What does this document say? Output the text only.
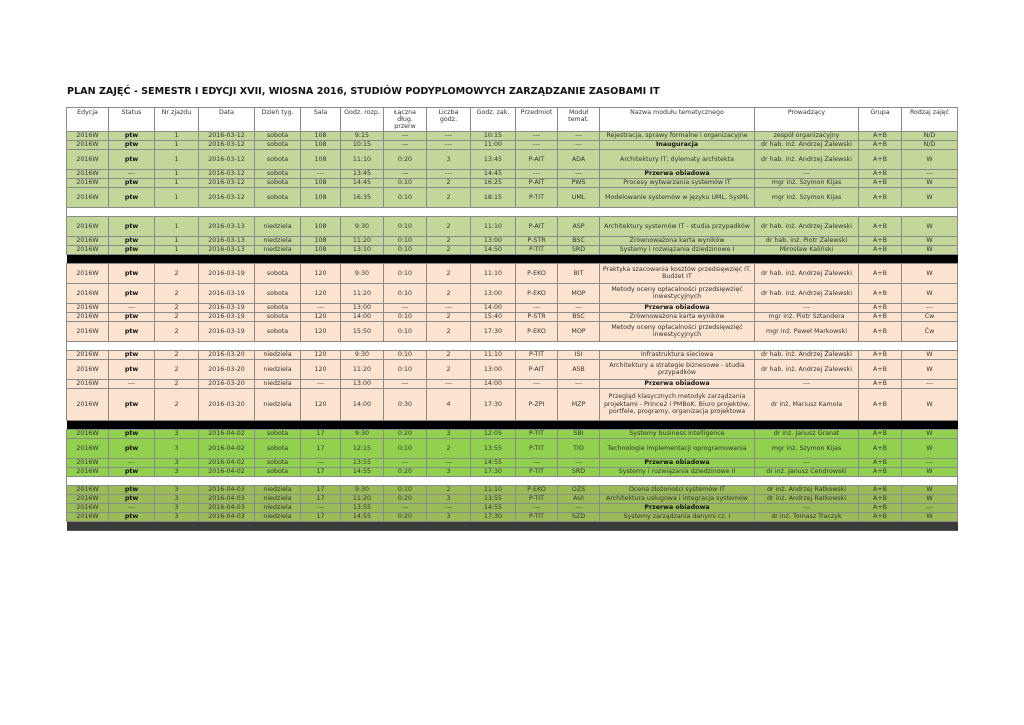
PLAN ZAJĘĆ - SEMESTR I EDYCJI XVII, WIOSNA 2016, STUDIÓW PODYPLOMOWYCH ZARZĄDZANIE ZASOBAMI IT
Edycja	Status	Nr zjazdu	Data	Dzień tyg.	Sala	Godz. rozp.	Łączna dług. przerw	Liczba godz.	Godz. zak.	Przedmiot	Moduł temat.	Nazwa modułu tematycznego	Prowadzący	Grupa	Rodzaj zajęć
2016W	ptw	1	2016-03-12	sobota	108	9:15	---	---	10:15	---	---	Rejestracja, sprawy formalne i organizacyjne	zespół organizacyjny	A+B	N/D
2016W	ptw	1	2016-03-12	sobota	108	10:15	---	---	11:00	---	---	Inauguracja	dr hab. inż. Andrzej Zalewski	A+B	N/D
2016W	ptw	1	2016-03-12	sobota	108	11:10	0:20	3	13:45	P-AIT	ADA	Architektury IT; dylematy architekta	dr hab. inż. Andrzej Zalewski	A+B	W
2016W	---	1	2016-03-12	sobota	---	13:45	---	---	14:45	---	---	Przerwa obiadowa	---	A+B	---
2016W	ptw	1	2016-03-12	sobota	108	14:45	0:10	2	16:25	P-AIT	PWS	Procesy wytwarzania systemów IT	mgr inż. Szymon Kijas	A+B	W
2016W	ptw	1	2016-03-12	sobota	108	16:35	0:10	2	18:15	P-TIT	UML	Modelowanie systemów w języku UML, SysML	mgr inż. Szymon Kijas	A+B	W

2016W	ptw	1	2016-03-13	niedziela	108	9:30	0:10	2	11:10	P-AIT	ASP	Architektury systemów IT - studia przypadków	dr hab. inż. Andrzej Zalewski	A+B	W
2016W	ptw	1	2016-03-13	niedziela	108	11:20	0:10	2	13:00	P-STR	BSC	Zrównoważona karta wyników	dr hab. inż. Piotr Zalewski	A+B	W
2016W	ptw	1	2016-03-13	niedziela	108	13:10	0:10	2	14:50	P-TIT	SRD	Systemy i rozwiązania dziedzinowe I	Mirosław Kaliński	A+B	W

2016W	ptw	2	2016-03-19	sobota	120	9:30	0:10	2	11:10	P-EKO	BIT	Praktyka szacowania kosztów przedsięwzięć IT. Budżet IT	dr hab. inż. Andrzej Zalewski	A+B	W
2016W	ptw	2	2016-03-19	sobota	120	11:20	0:10	2	13:00	P-EKO	MOP	Metody oceny opłacalności przedsięwzięć inwestycyjnych	dr hab. inż. Andrzej Zalewski	A+B	W
2016W	---	2	2016-03-19	sobota	---	13:00	---	---	14:00	---	---	Przerwa obiadowa	---	A+B	---
2016W	ptw	2	2016-03-19	sobota	120	14:00	0:10	2	15:40	P-STR	BSC	Zrównoważona karta wyników	mgr inż. Piotr Sztandera	A+B	Ćw
2016W	ptw	2	2016-03-19	sobota	120	15:50	0:10	2	17:30	P-EKO	MOP	Metody oceny opłacalności przedsięwzięć inwestycyjnych	mgr inż. Paweł Markowski	A+B	Ćw

2016W	ptw	2	2016-03-20	niedziela	120	9:30	0:10	2	11:10	P-TIT	ISI	Infrastruktura sieciowa	dr hab. inż. Andrzej Zalewski	A+B	W
2016W	ptw	2	2016-03-20	niedziela	120	11:20	0:10	2	13:00	P-AIT	ASB	Architektury a strategie biznesowe - studia przypadków	dr hab. inż. Andrzej Zalewski	A+B	W
2016W	---	2	2016-03-20	niedziela	---	13:00	---	---	14:00	---	---	Przerwa obiadowa	---	A+B	---
2016W	ptw	2	2016-03-20	niedziela	120	14:00	0:30	4	17:30	P-ZPI	MZP	Przegląd klasycznych metodyk zarządzania projektami - Prince2 i PMBoK. Biuro projektów, portfele, programy, organizacja projektowa	dr inż. Mariusz Kamola	A+B	W

2016W	ptw	3	2016-04-02	sobota	17	9:30	0:20	3	12:05	P-TIT	SBI	Systemy business intelligence	dr inż. Janusz Granat	A+B	W
2016W	ptw	3	2016-04-02	sobota	17	12:15	0:10	2	13:55	P-TIT	TIO	Technologie implementacji oprogramowania	mgr inż. Szymon Kijas	A+B	W
2016W	---	3	2016-04-02	sobota	---	13:55	---	---	14:55	---	---	Przerwa obiadowa	---	A+B	---
2016W	ptw	3	2016-04-02	sobota	17	14:55	0:20	3	17:30	P-TIT	SRD	Systemy i rozwiązania dziedzinowe II	dr inż. Janusz Cendrowski	A+B	W

2016W	ptw	3	2016-04-03	niedziela	17	9:30	0:10	2	11:10	P-EKO	OZS	Ocena złożoności systemów IT	dr inż. Andrzej Ratkowski	A+B	W
2016W	ptw	3	2016-04-03	niedziela	17	11:20	0:20	3	13:55	P-TIT	AUI	Architektura usługowa i integracja systemów	dr inż. Andrzej Ratkowski	A+B	W
2016W	---	3	2016-04-03	niedziela	---	13:55	---	---	14:55	---	---	Przerwa obiadowa	---	A+B	---
2016W	ptw	3	2016-04-03	niedziela	17	14:55	0:20	3	17:30	P-TIT	SZD	Systemy zarządzania danymi cz. I	dr inż. Tomasz Traczyk	A+B	W
